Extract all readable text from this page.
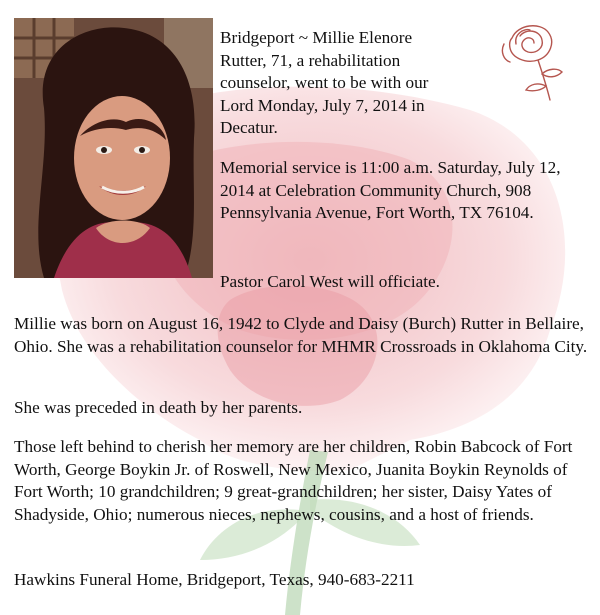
Bridgeport ~ Millie Elenore Rutter, 71, a rehabilitation counselor, went to be with our Lord Monday, July 7, 2014 in Decatur.
Memorial service is 11:00 a.m. Saturday, July 12, 2014 at Celebration Community Church, 908 Pennsylvania Avenue, Fort Worth, TX 76104.
Pastor Carol West will officiate.
Millie was born on August 16, 1942 to Clyde and Daisy (Burch) Rutter in Bellaire, Ohio. She was a rehabilitation counselor for MHMR Crossroads in Oklahoma City.
She was preceded in death by her parents.
Those left behind to cherish her memory are her children, Robin Babcock of Fort Worth, George Boykin Jr. of Roswell, New Mexico, Juanita Boykin Reynolds of Fort Worth; 10 grandchildren; 9 great-grandchildren; her sister, Daisy Yates of Shadyside, Ohio; numerous nieces, nephews, cousins, and a host of friends.
Hawkins Funeral Home, Bridgeport, Texas, 940-683-2211
